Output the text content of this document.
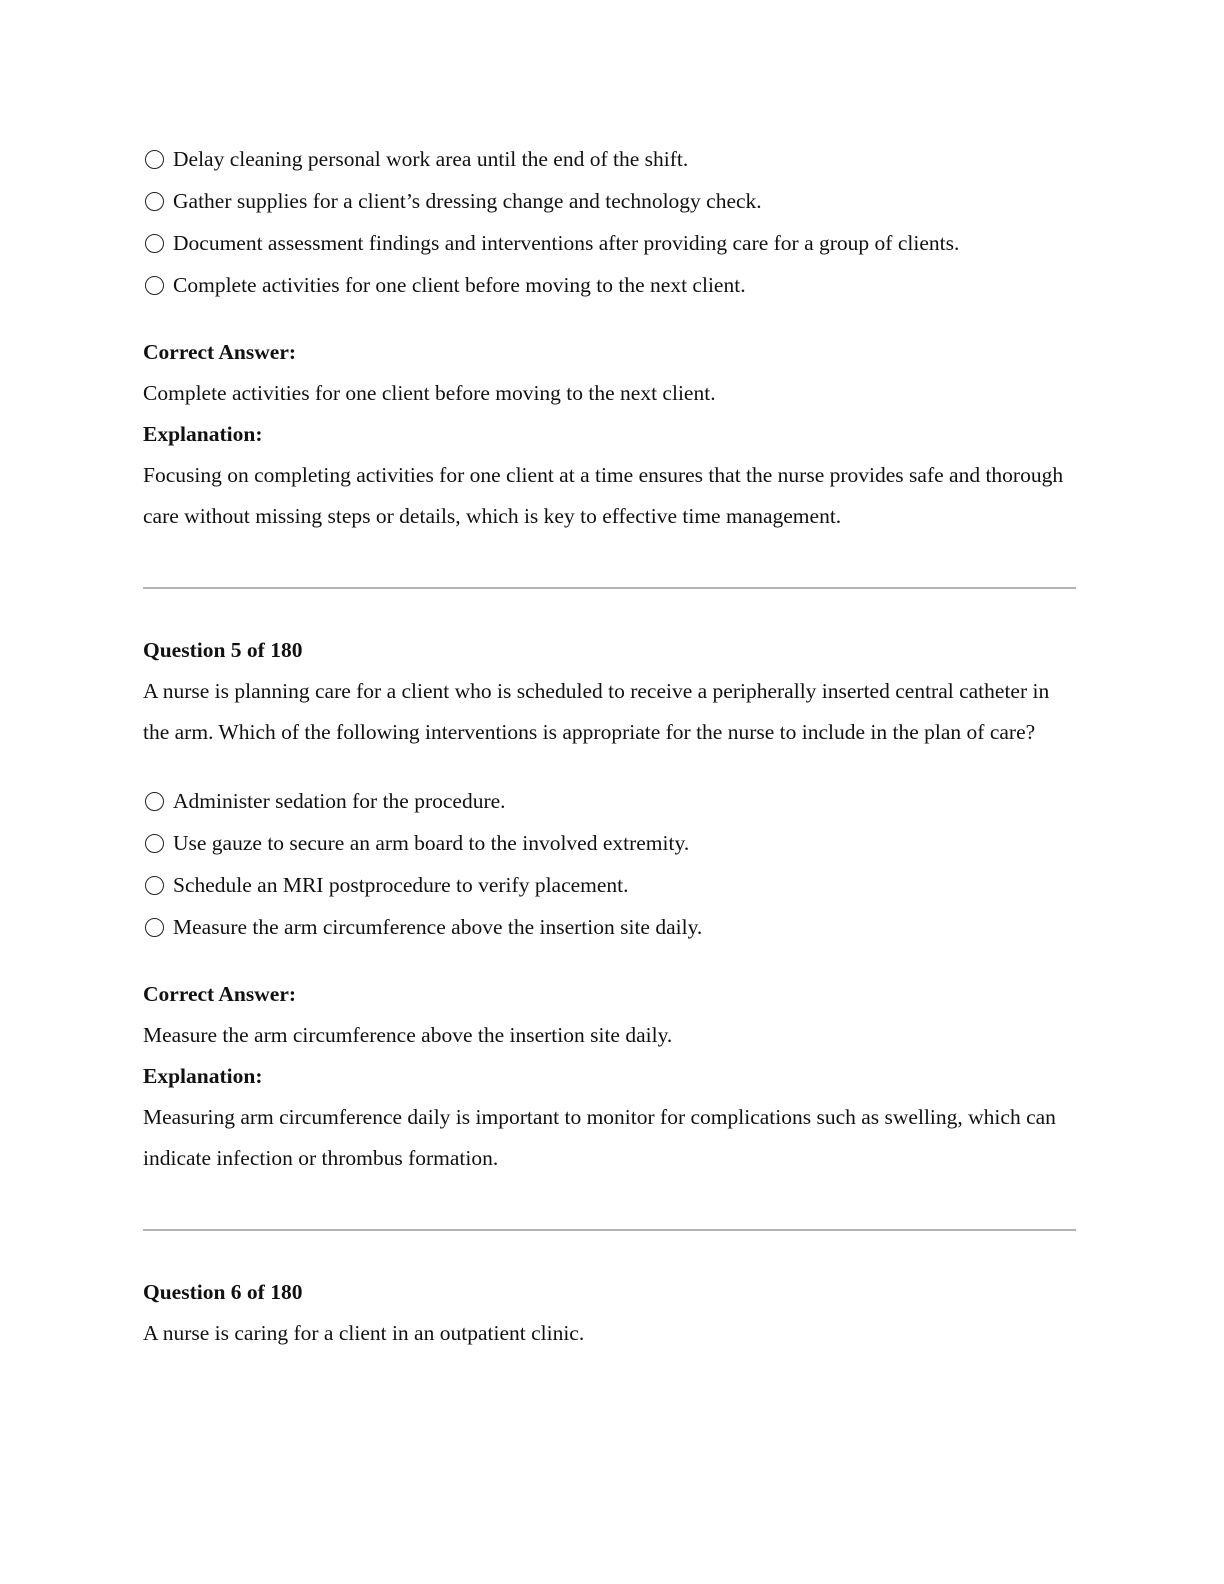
Delay cleaning personal work area until the end of the shift.
Gather supplies for a client’s dressing change and technology check.
Document assessment findings and interventions after providing care for a group of clients.
Complete activities for one client before moving to the next client.
Correct Answer:
Complete activities for one client before moving to the next client.
Explanation:
Focusing on completing activities for one client at a time ensures that the nurse provides safe and thorough care without missing steps or details, which is key to effective time management.
Question 5 of 180
A nurse is planning care for a client who is scheduled to receive a peripherally inserted central catheter in the arm. Which of the following interventions is appropriate for the nurse to include in the plan of care?
Administer sedation for the procedure.
Use gauze to secure an arm board to the involved extremity.
Schedule an MRI postprocedure to verify placement.
Measure the arm circumference above the insertion site daily.
Correct Answer:
Measure the arm circumference above the insertion site daily.
Explanation:
Measuring arm circumference daily is important to monitor for complications such as swelling, which can indicate infection or thrombus formation.
Question 6 of 180
A nurse is caring for a client in an outpatient clinic.
